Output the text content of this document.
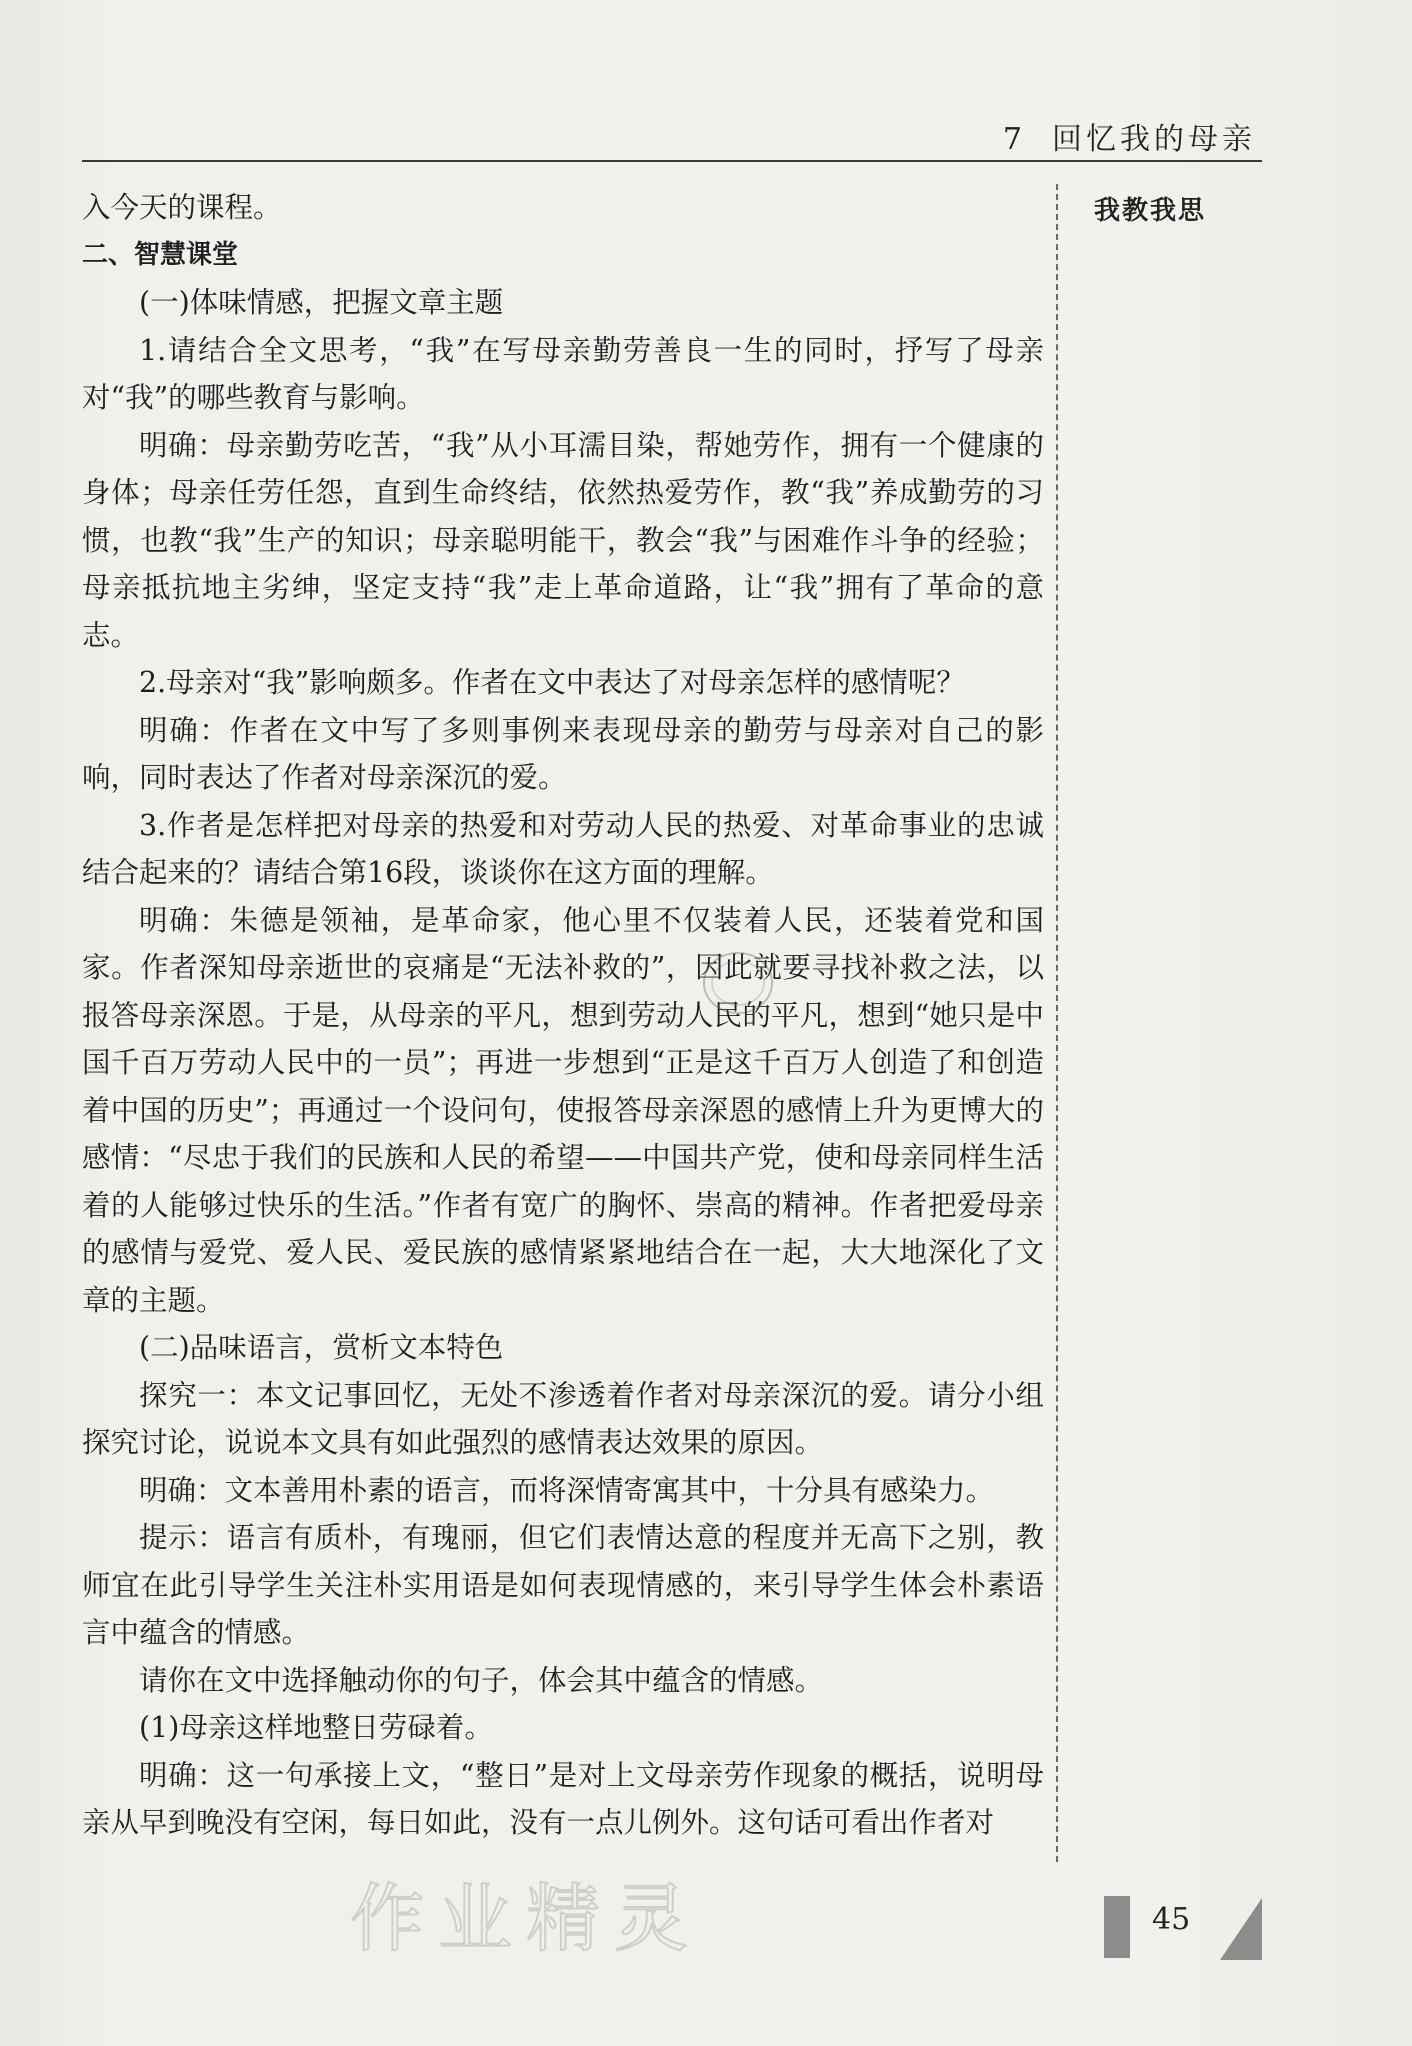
7 回忆我的母亲
我教我思

入今天的课程。

二、智慧课堂

(一)体味情感，把握文章主题

1.请结合全文思考，“我”在写母亲勤劳善良一生的同时，抒写了母亲对“我”的哪些教育与影响。

明确：母亲勤劳吃苦，“我”从小耳濡目染，帮她劳作，拥有一个健康的身体；母亲任劳任怨，直到生命终结，依然热爱劳作，教“我”养成勤劳的习惯，也教“我”生产的知识；母亲聪明能干，教会“我”与困难作斗争的经验；母亲抵抗地主劣绅，坚定支持“我”走上革命道路，让“我”拥有了革命的意志。

2.母亲对“我”影响颇多。作者在文中表达了对母亲怎样的感情呢？

明确：作者在文中写了多则事例来表现母亲的勤劳与母亲对自己的影响，同时表达了作者对母亲深沉的爱。

3.作者是怎样把对母亲的热爱和对劳动人民的热爱、对革命事业的忠诚结合起来的？请结合第16段，谈谈你在这方面的理解。

明确：朱德是领袖，是革命家，他心里不仅装着人民，还装着党和国家。作者深知母亲逝世的哀痛是“无法补救的”，因此就要寻找补救之法，以报答母亲深恩。于是，从母亲的平凡，想到劳动人民的平凡，想到“她只是中国千百万劳动人民中的一员”；再进一步想到“正是这千百万人创造了和创造着中国的历史”；再通过一个设问句，使报答母亲深恩的感情上升为更博大的感情：“尽忠于我们的民族和人民的希望——中国共产党，使和母亲同样生活着的人能够过快乐的生活。”作者有宽广的胸怀、崇高的精神。作者把爱母亲的感情与爱党、爱人民、爱民族的感情紧紧地结合在一起，大大地深化了文章的主题。

(二)品味语言，赏析文本特色

探究一：本文记事回忆，无处不渗透着作者对母亲深沉的爱。请分小组探究讨论，说说本文具有如此强烈的感情表达效果的原因。

明确：文本善用朴素的语言，而将深情寄寓其中，十分具有感染力。

提示：语言有质朴，有瑰丽，但它们表情达意的程度并无高下之别，教师宜在此引导学生关注朴实用语是如何表现情感的，来引导学生体会朴素语言中蕴含的情感。

请你在文中选择触动你的句子，体会其中蕴含的情感。

(1)母亲这样地整日劳碌着。

明确：这一句承接上文，“整日”是对上文母亲劳作现象的概括，说明母亲从早到晚没有空闲，每日如此，没有一点儿例外。这句话可看出作者对

作业精灵	45
